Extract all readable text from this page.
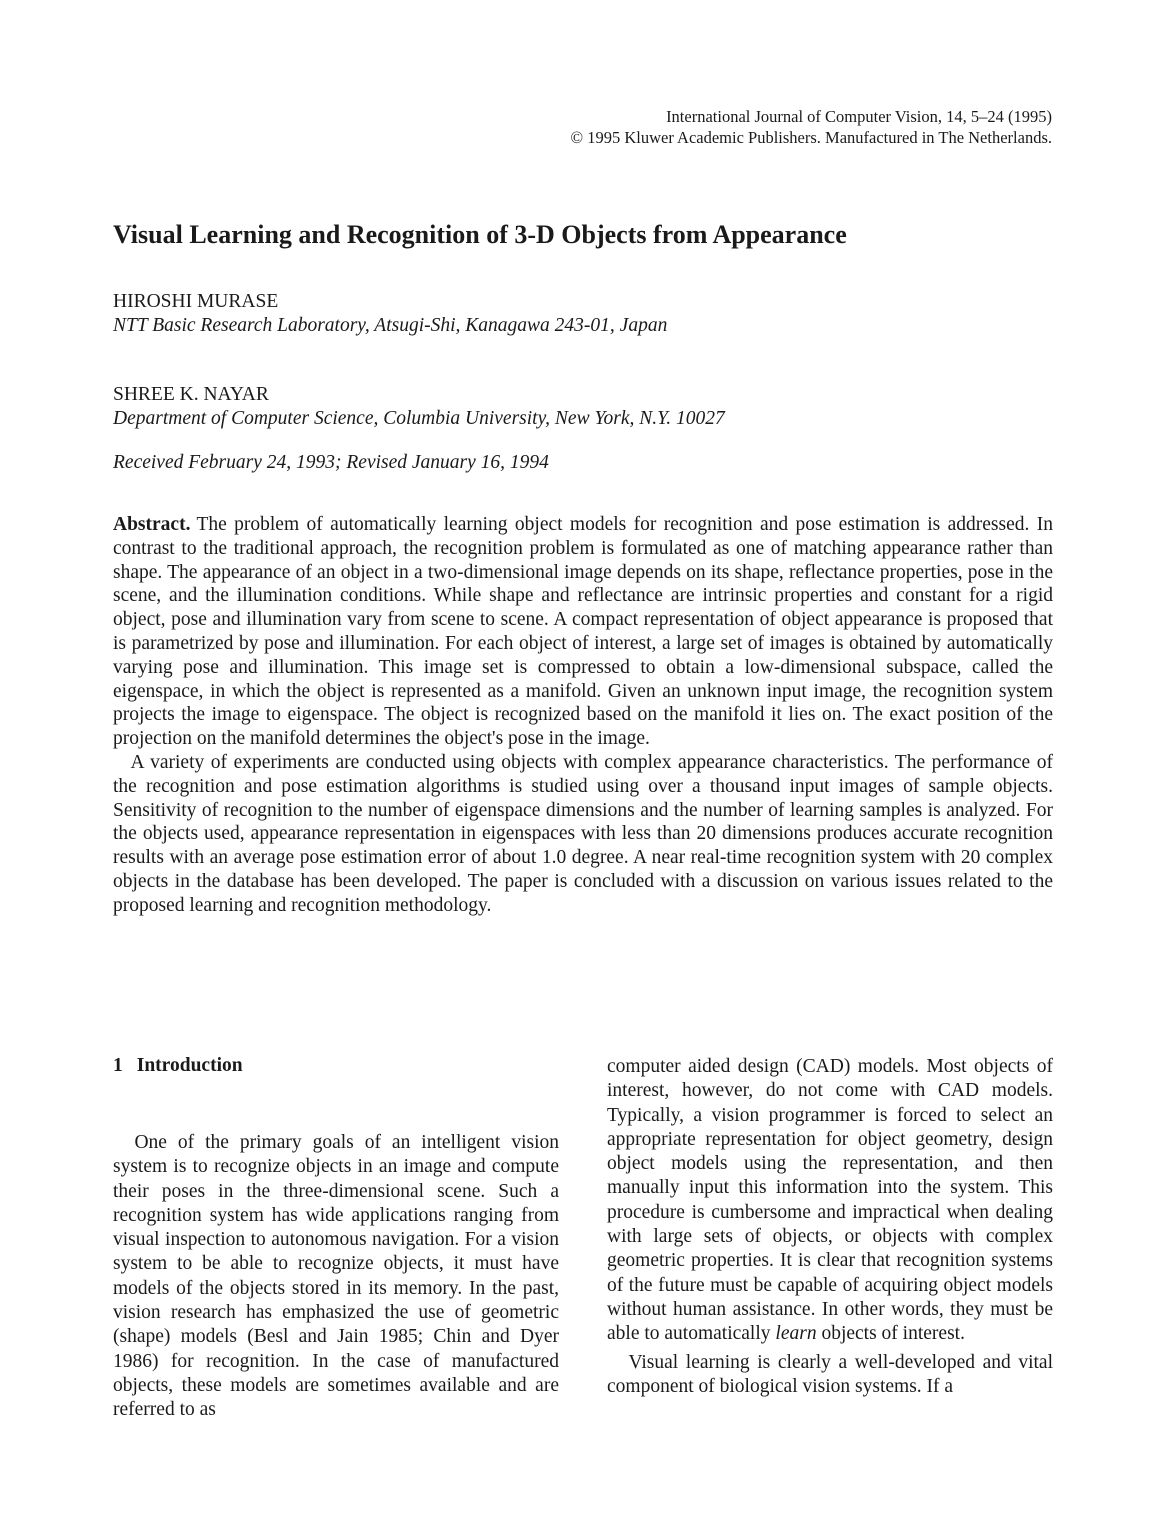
International Journal of Computer Vision, 14, 5–24 (1995)
© 1995 Kluwer Academic Publishers. Manufactured in The Netherlands.
Visual Learning and Recognition of 3-D Objects from Appearance
HIROSHI MURASE
NTT Basic Research Laboratory, Atsugi-Shi, Kanagawa 243-01, Japan
SHREE K. NAYAR
Department of Computer Science, Columbia University, New York, N.Y. 10027
Received February 24, 1993; Revised January 16, 1994

Abstract. The problem of automatically learning object models for recognition and pose estimation is addressed. In contrast to the traditional approach, the recognition problem is formulated as one of matching appearance rather than shape. The appearance of an object in a two-dimensional image depends on its shape, reflectance properties, pose in the scene, and the illumination conditions. While shape and reflectance are intrinsic properties and constant for a rigid object, pose and illumination vary from scene to scene. A compact representation of object appearance is proposed that is parametrized by pose and illumination. For each object of interest, a large set of images is obtained by automatically varying pose and illumination. This image set is compressed to obtain a low-dimensional subspace, called the eigenspace, in which the object is represented as a manifold. Given an unknown input image, the recognition system projects the image to eigenspace. The object is recognized based on the manifold it lies on. The exact position of the projection on the manifold determines the object's pose in the image.

A variety of experiments are conducted using objects with complex appearance characteristics. The performance of the recognition and pose estimation algorithms is studied using over a thousand input images of sample objects. Sensitivity of recognition to the number of eigenspace dimensions and the number of learning samples is analyzed. For the objects used, appearance representation in eigenspaces with less than 20 dimensions produces accurate recognition results with an average pose estimation error of about 1.0 degree. A near real-time recognition system with 20 complex objects in the database has been developed. The paper is concluded with a discussion on various issues related to the proposed learning and recognition methodology.

1 Introduction

One of the primary goals of an intelligent vision system is to recognize objects in an image and compute their poses in the three-dimensional scene. Such a recognition system has wide applications ranging from visual inspection to autonomous navigation. For a vision system to be able to recognize objects, it must have models of the objects stored in its memory. In the past, vision research has emphasized the use of geometric (shape) models (Besl and Jain 1985; Chin and Dyer 1986) for recognition. In the case of manufactured objects, these models are sometimes available and are referred to as

computer aided design (CAD) models. Most objects of interest, however, do not come with CAD models. Typically, a vision programmer is forced to select an appropriate representation for object geometry, design object models using the representation, and then manually input this information into the system. This procedure is cumbersome and impractical when dealing with large sets of objects, or objects with complex geometric properties. It is clear that recognition systems of the future must be capable of acquiring object models without human assistance. In other words, they must be able to automatically learn objects of interest.

Visual learning is clearly a well-developed and vital component of biological vision systems. If a
